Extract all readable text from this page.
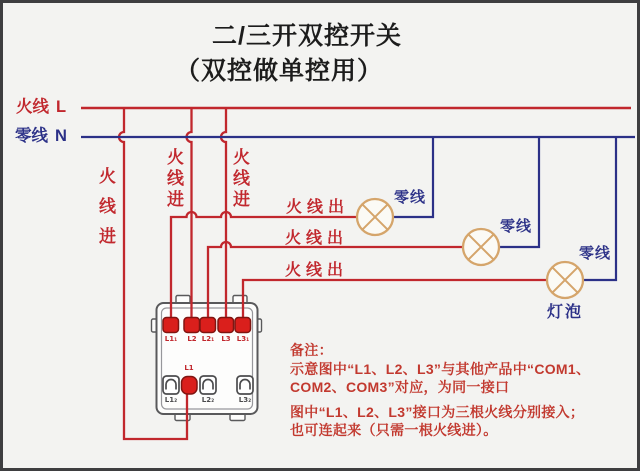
二/三开双控开关
（双控做单控用）
火线 L
零线 N
火线进	火线进	火线进 火线出
火线出
火线出
零线
零线
零线
灯泡
L1₁	L2 L2₁	L3 L3₁
L1
L1₂	L2₂	L3₂
备注：
示意图中“L1、L2、L3”与其他产品中“COM1、
COM2、COM3”对应，为同一接口
图中“L1、L2、L3”接口为三根火线分别接入；
也可连起来（只需一根火线进）。
